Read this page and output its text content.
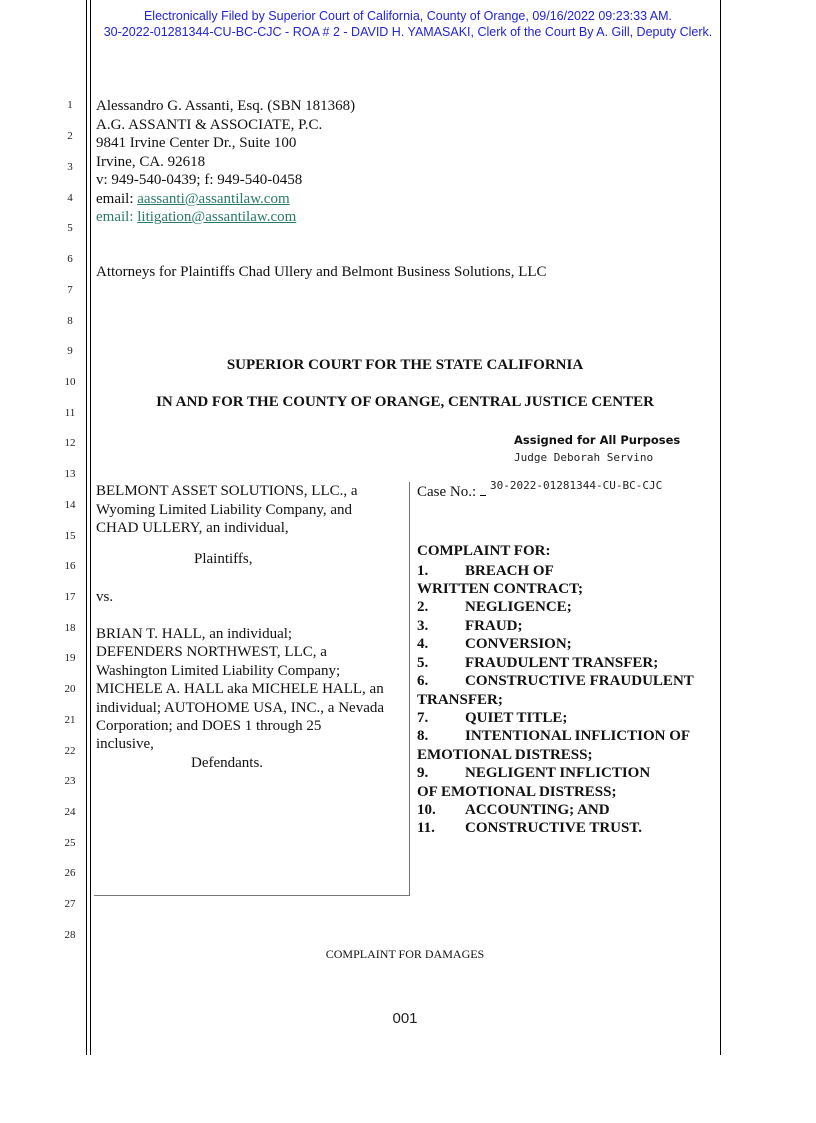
Electronically Filed by Superior Court of California, County of Orange, 09/16/2022 09:23:33 AM.
30-2022-01281344-CU-BC-CJC - ROA # 2 - DAVID H. YAMASAKI, Clerk of the Court By A. Gill, Deputy Clerk.
1
2
3
4
5
6
7
8
9
10
11
12
13
14
15
16
17
18
19
20
21
22
23
24
25
26
27
28
Alessandro G. Assanti, Esq. (SBN 181368)
A.G. ASSANTI & ASSOCIATE, P.C.
9841 Irvine Center Dr., Suite 100
Irvine, CA. 92618
v: 949-540-0439; f: 949-540-0458
email: aassanti@assantilaw.com
email: litigation@assantilaw.com
Attorneys for Plaintiffs Chad Ullery and Belmont Business Solutions, LLC
SUPERIOR COURT FOR THE STATE CALIFORNIA
IN AND FOR THE COUNTY OF ORANGE, CENTRAL JUSTICE CENTER
Assigned for All Purposes
Judge Deborah Servino
BELMONT ASSET SOLUTIONS, LLC., a
Wyoming Limited Liability Company, and
CHAD ULLERY, an individual,
Plaintiffs,
vs.
BRIAN T. HALL, an individual;
DEFENDERS NORTHWEST, LLC, a
Washington Limited Liability Company;
MICHELE A. HALL aka MICHELE HALL, an
individual; AUTOHOME USA, INC., a Nevada
Corporation; and DOES 1 through 25
inclusive,
Defendants.
Case No.: 30-2022-01281344-CU-BC-CJC
COMPLAINT FOR:
1. BREACH OF
WRITTEN CONTRACT;
2. NEGLIGENCE;
3. FRAUD;
4. CONVERSION;
5. FRAUDULENT TRANSFER;
6. CONSTRUCTIVE FRAUDULENT
TRANSFER;
7. QUIET TITLE;
8. INTENTIONAL INFLICTION OF
EMOTIONAL DISTRESS;
9. NEGLIGENT INFLICTION
OF EMOTIONAL DISTRESS;
10. ACCOUNTING; AND
11. CONSTRUCTIVE TRUST.
COMPLAINT FOR DAMAGES
001
